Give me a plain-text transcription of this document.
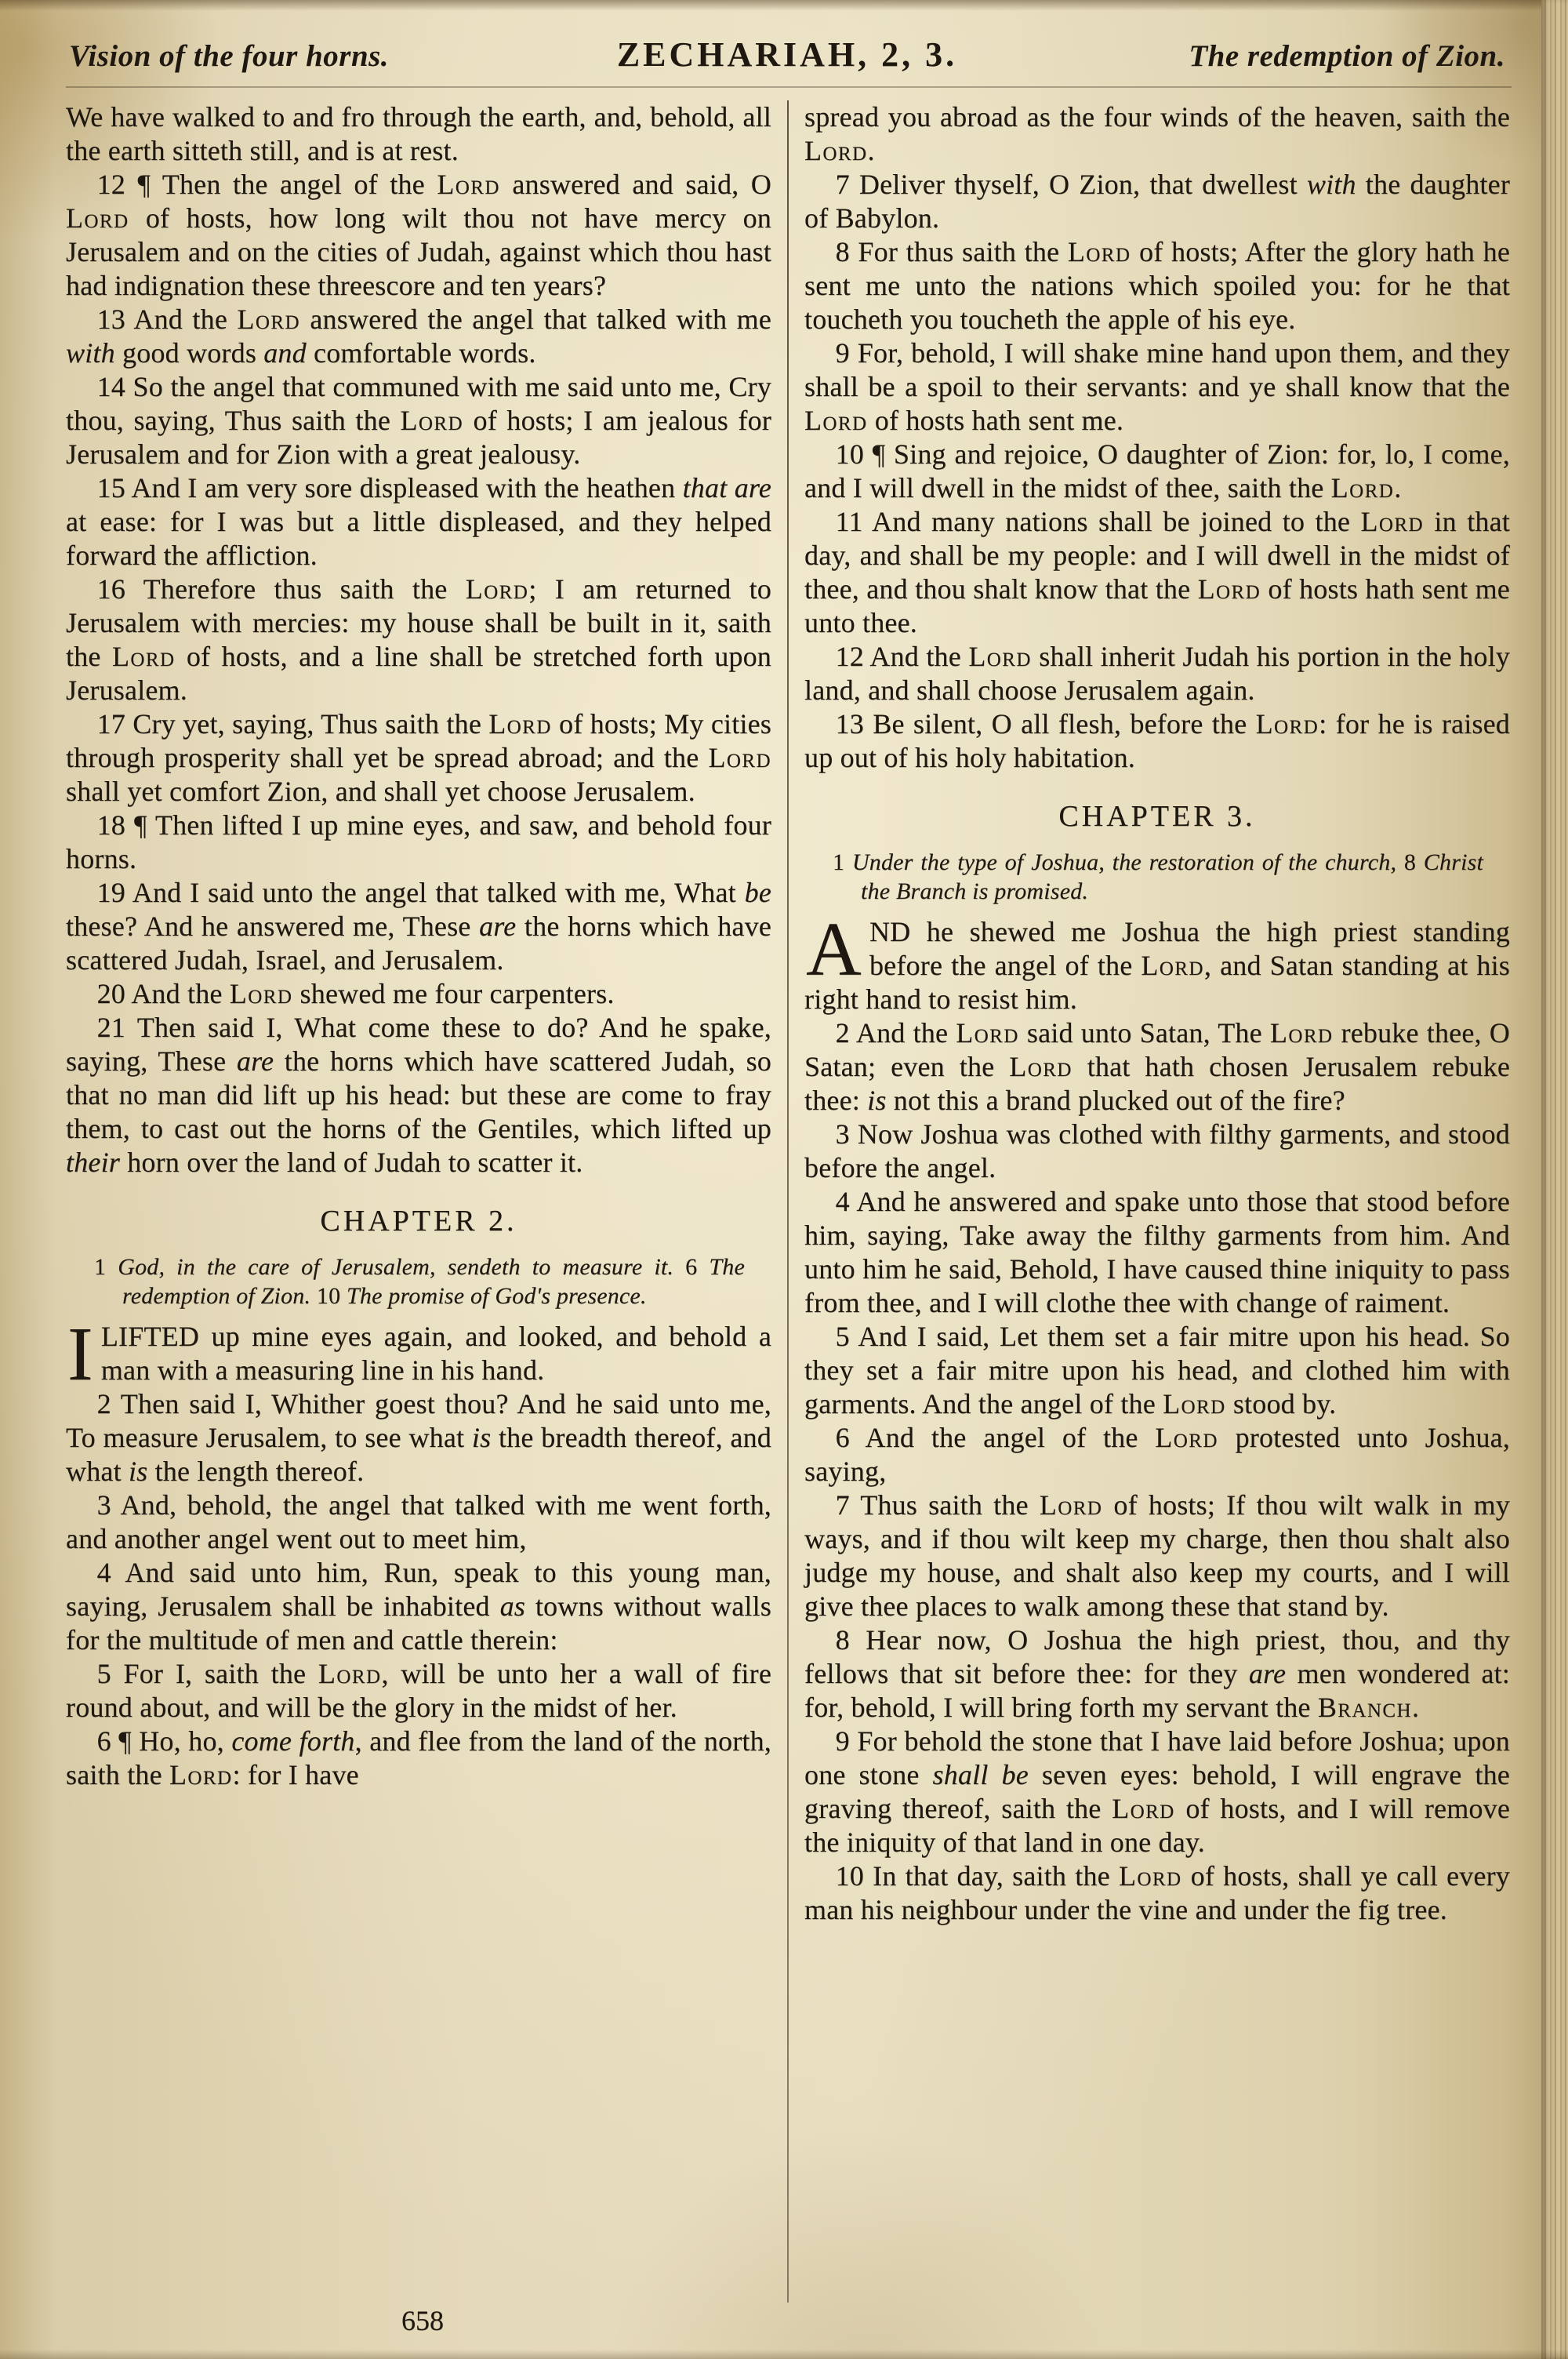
Vision of the four horns.	ZECHARIAH, 2, 3.	The redemption of Zion.

We have walked to and fro through the earth, and, behold, all the earth sitteth still, and is at rest.

12 ¶ Then the angel of the Lord answered and said, O Lord of hosts, how long wilt thou not have mercy on Jerusalem and on the cities of Judah, against which thou hast had indignation these threescore and ten years?

13 And the Lord answered the angel that talked with me with good words and comfortable words.

14 So the angel that communed with me said unto me, Cry thou, saying, Thus saith the Lord of hosts; I am jealous for Jerusalem and for Zion with a great jealousy.

15 And I am very sore displeased with the heathen that are at ease: for I was but a little displeased, and they helped forward the affliction.

16 Therefore thus saith the Lord; I am returned to Jerusalem with mercies: my house shall be built in it, saith the Lord of hosts, and a line shall be stretched forth upon Jerusalem.

17 Cry yet, saying, Thus saith the Lord of hosts; My cities through prosperity shall yet be spread abroad; and the Lord shall yet comfort Zion, and shall yet choose Jerusalem.

18 ¶ Then lifted I up mine eyes, and saw, and behold four horns.

19 And I said unto the angel that talked with me, What be these? And he answered me, These are the horns which have scattered Judah, Israel, and Jerusalem.

20 And the Lord shewed me four carpenters.

21 Then said I, What come these to do? And he spake, saying, These are the horns which have scattered Judah, so that no man did lift up his head: but these are come to fray them, to cast out the horns of the Gentiles, which lifted up their horn over the land of Judah to scatter it.

CHAPTER 2.

1 God, in the care of Jerusalem, sendeth to measure it. 6 The redemption of Zion. 10 The promise of God's presence.

ILIFTED up mine eyes again, and looked, and behold a man with a measuring line in his hand.

2 Then said I, Whither goest thou? And he said unto me, To measure Jerusalem, to see what is the breadth thereof, and what is the length thereof.

3 And, behold, the angel that talked with me went forth, and another angel went out to meet him,

4 And said unto him, Run, speak to this young man, saying, Jerusalem shall be inhabited as towns without walls for the multitude of men and cattle therein:

5 For I, saith the Lord, will be unto her a wall of fire round about, and will be the glory in the midst of her.

6 ¶ Ho, ho, come forth, and flee from the land of the north, saith the Lord: for I have

spread you abroad as the four winds of the heaven, saith the Lord.

7 Deliver thyself, O Zion, that dwellest with the daughter of Babylon.

8 For thus saith the Lord of hosts; After the glory hath he sent me unto the nations which spoiled you: for he that toucheth you toucheth the apple of his eye.

9 For, behold, I will shake mine hand upon them, and they shall be a spoil to their servants: and ye shall know that the Lord of hosts hath sent me.

10 ¶ Sing and rejoice, O daughter of Zion: for, lo, I come, and I will dwell in the midst of thee, saith the Lord.

11 And many nations shall be joined to the Lord in that day, and shall be my people: and I will dwell in the midst of thee, and thou shalt know that the Lord of hosts hath sent me unto thee.

12 And the Lord shall inherit Judah his portion in the holy land, and shall choose Jerusalem again.

13 Be silent, O all flesh, before the Lord: for he is raised up out of his holy habitation.

CHAPTER 3.

1 Under the type of Joshua, the restoration of the church, 8 Christ the Branch is promised.

AND he shewed me Joshua the high priest standing before the angel of the Lord, and Satan standing at his right hand to resist him.

2 And the Lord said unto Satan, The Lord rebuke thee, O Satan; even the Lord that hath chosen Jerusalem rebuke thee: is not this a brand plucked out of the fire?

3 Now Joshua was clothed with filthy garments, and stood before the angel.

4 And he answered and spake unto those that stood before him, saying, Take away the filthy garments from him. And unto him he said, Behold, I have caused thine iniquity to pass from thee, and I will clothe thee with change of raiment.

5 And I said, Let them set a fair mitre upon his head. So they set a fair mitre upon his head, and clothed him with garments. And the angel of the Lord stood by.

6 And the angel of the Lord protested unto Joshua, saying,

7 Thus saith the Lord of hosts; If thou wilt walk in my ways, and if thou wilt keep my charge, then thou shalt also judge my house, and shalt also keep my courts, and I will give thee places to walk among these that stand by.

8 Hear now, O Joshua the high priest, thou, and thy fellows that sit before thee: for they are men wondered at: for, behold, I will bring forth my servant the Branch.

9 For behold the stone that I have laid before Joshua; upon one stone shall be seven eyes: behold, I will engrave the graving thereof, saith the Lord of hosts, and I will remove the iniquity of that land in one day.

10 In that day, saith the Lord of hosts, shall ye call every man his neighbour under the vine and under the fig tree.

658
